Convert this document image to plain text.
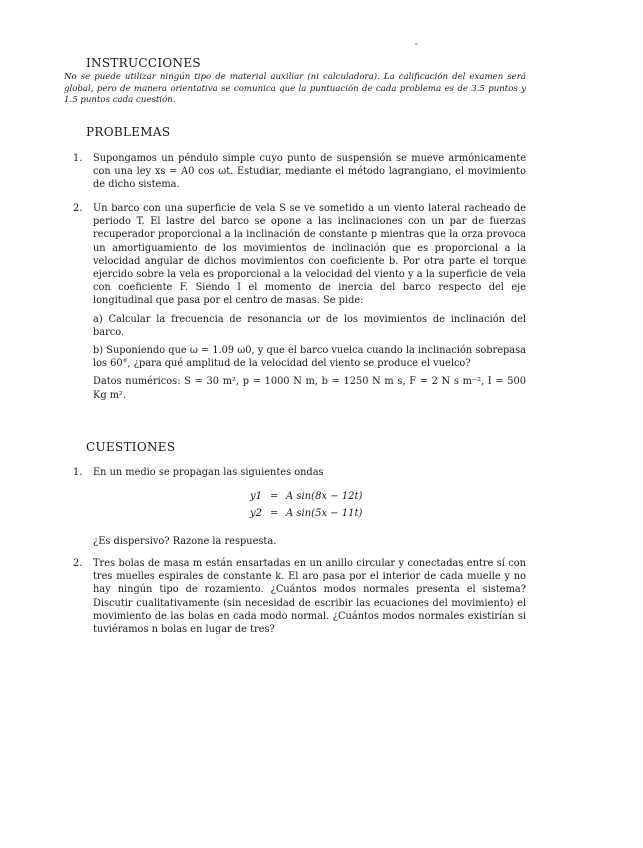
ˇ
INSTRUCCIONES
No se puede utilizar ningún tipo de material auxiliar (ni calculadora). La calificación del examen será global, pero de manera orientativa se comunica que la puntuación de cada problema es de 3.5 puntos y 1.5 puntos cada cuestión.
PROBLEMAS
1.	Supongamos un péndulo simple cuyo punto de suspensión se mueve armónicamente con una ley xs = A0 cos ωt. Estudiar, mediante el método lagrangiano, el movimiento de dicho sistema.

2.	Un barco con una superficie de vela S se ve sometido a un viento lateral racheado de periodo T. El lastre del barco se opone a las inclinaciones con un par de fuerzas recuperador proporcional a la inclinación de constante p mientras que la orza provoca un amortiguamiento de los movimientos de inclinación que es proporcional a la velocidad angular de dichos movimientos con coeficiente b. Por otra parte el torque ejercido sobre la vela es proporcional a la velocidad del viento y a la superficie de vela con coeficiente F. Siendo I el momento de inercia del barco respecto del eje longitudinal que pasa por el centro de masas. Se pide:

a) Calcular la frecuencia de resonancia ωr de los movimientos de inclinación del barco.

b) Suponiendo que ω = 1.09 ω0, y que el barco vuelca cuando la inclinación sobrepasa los 60°, ¿para qué amplitud de la velocidad del viento se produce el vuelco?

Datos numéricos: S = 30 m², p = 1000 N m, b = 1250 N m s, F = 2 N s m⁻², I = 500 Kg m².

CUESTIONES
1.	En un medio se propagan las siguientes ondas

y1 = A sin(8x − 12t)
y2 = A sin(5x − 11t)

¿Es dispersivo? Razone la respuesta.

2.	Tres bolas de masa m están ensartadas en un anillo circular y conectadas entre sí con tres muelles espirales de constante k. El aro pasa por el interior de cada muelle y no hay ningún tipo de rozamiento. ¿Cuántos modos normales presenta el sistema? Discutir cualitativamente (sin necesidad de escribir las ecuaciones del movimiento) el movimiento de las bolas en cada modo normal. ¿Cuántos modos normales existirían si tuviéramos n bolas en lugar de tres?
